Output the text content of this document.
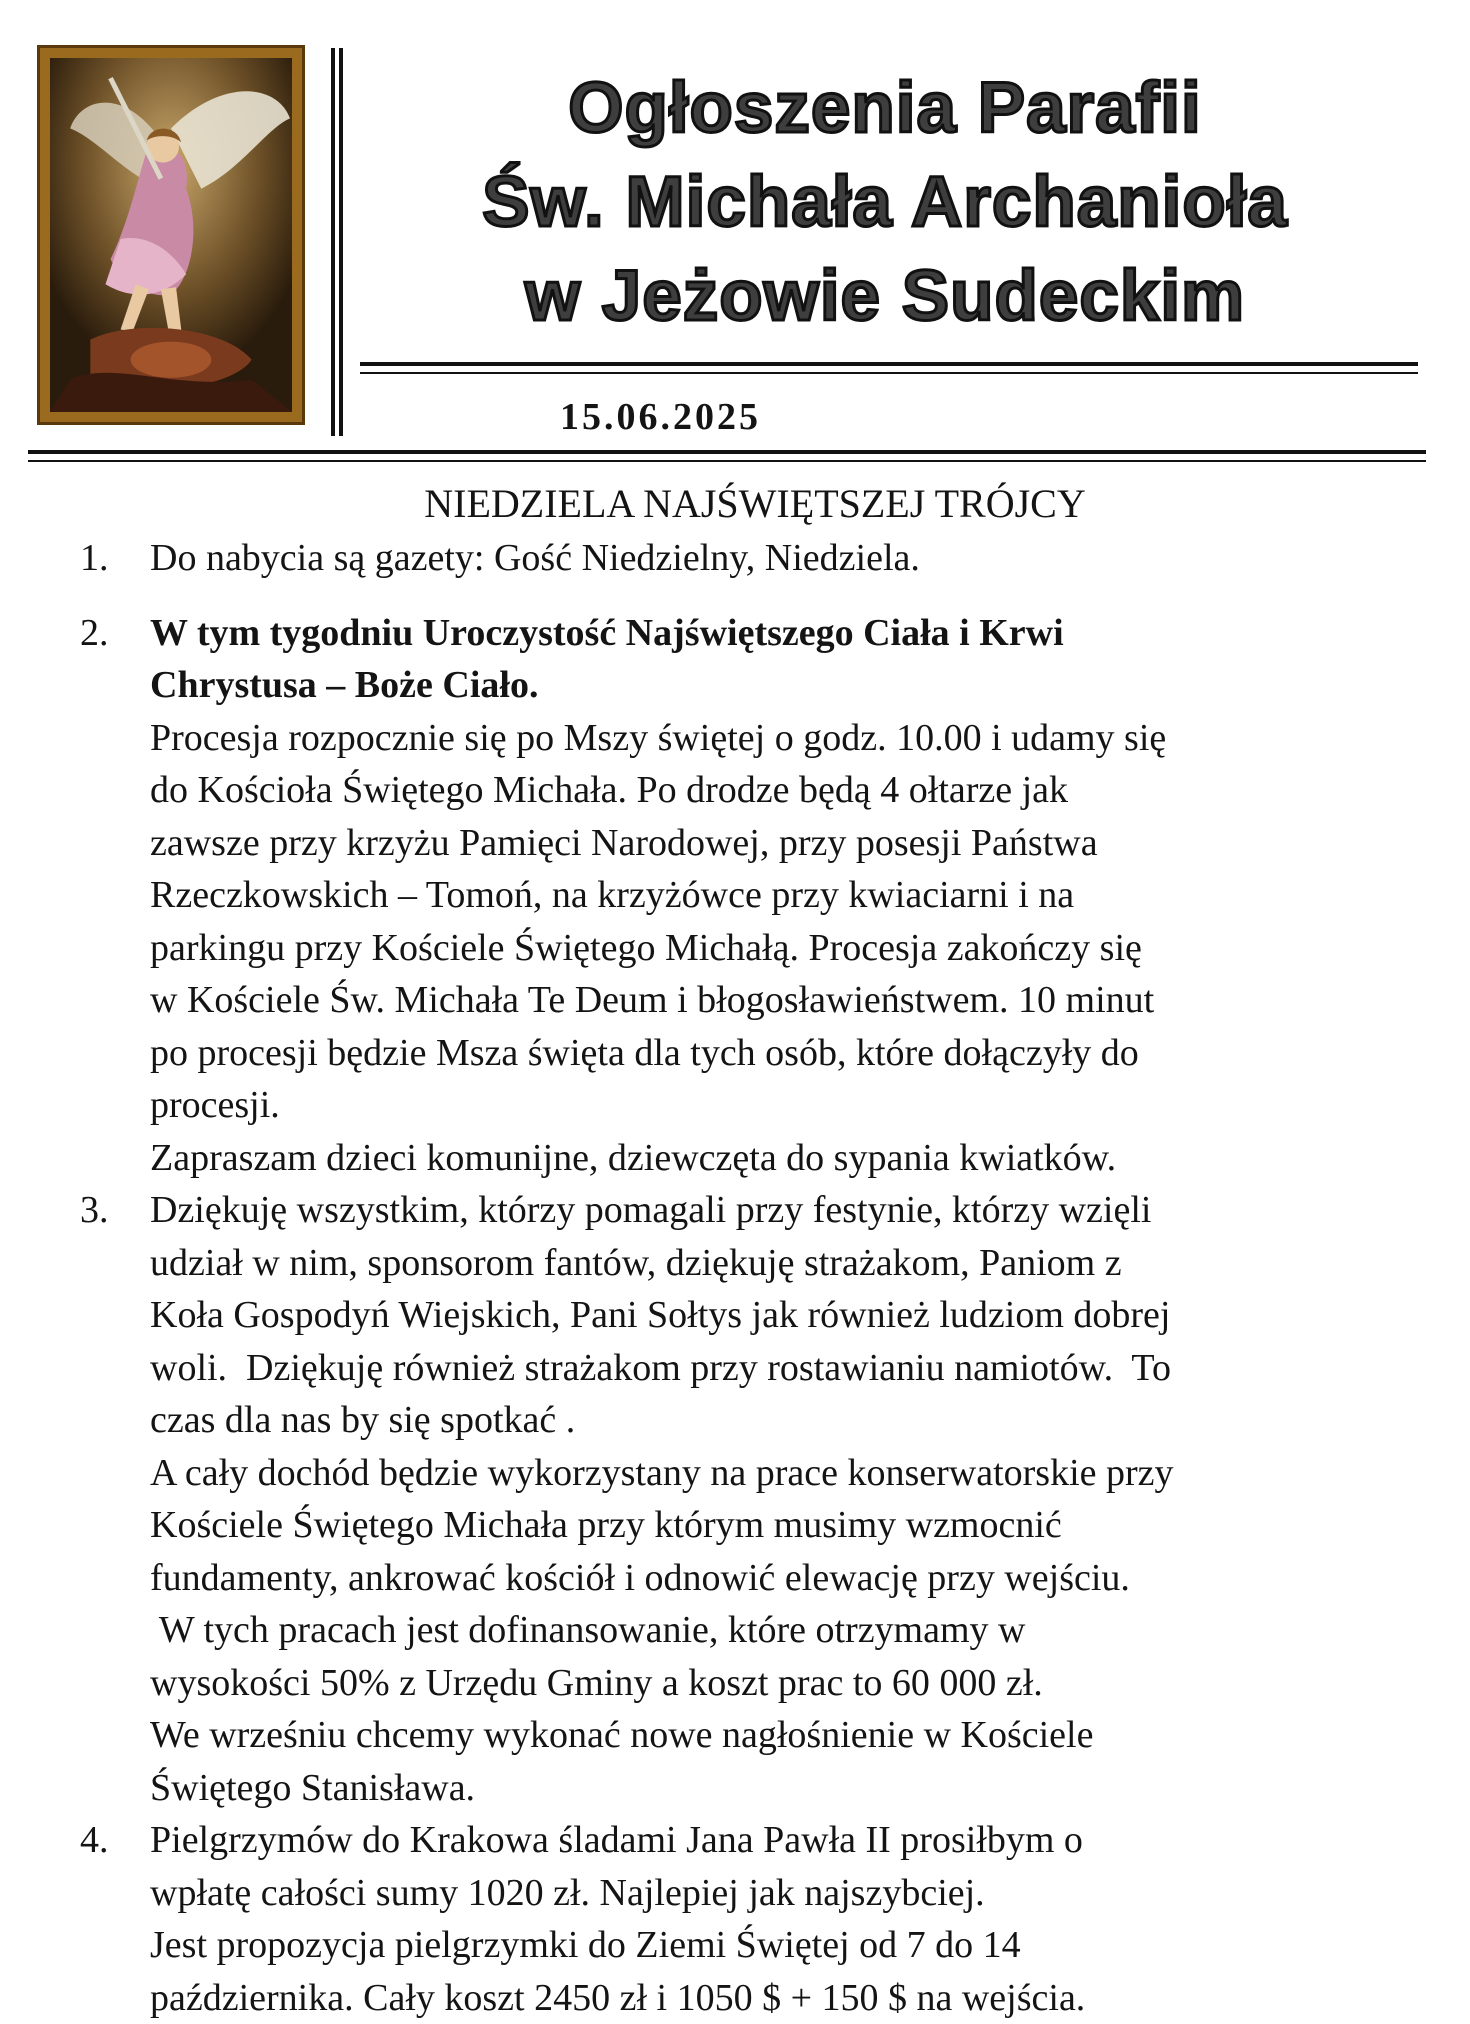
Ogłoszenia Parafii
Św. Michała Archanioła
w Jeżowie Sudeckim
15.06.2025
NIEDZIELA NAJŚWIĘTSZEJ TRÓJCY
1. Do nabycia są gazety: Gość Niedzielny, Niedziela.
2. W tym tygodniu Uroczystość Najświętszego Ciała i Krwi
Chrystusa – Boże Ciało.
Procesja rozpocznie się po Mszy świętej o godz. 10.00 i udamy się
do Kościoła Świętego Michała. Po drodze będą 4 ołtarze jak
zawsze przy krzyżu Pamięci Narodowej, przy posesji Państwa
Rzeczkowskich – Tomoń, na krzyżówce przy kwiaciarni i na
parkingu przy Kościele Świętego Michałą. Procesja zakończy się
w Kościele Św. Michała Te Deum i błogosławieństwem. 10 minut
po procesji będzie Msza święta dla tych osób, które dołączyły do
procesji.
Zapraszam dzieci komunijne, dziewczęta do sypania kwiatków.
3. Dziękuję wszystkim, którzy pomagali przy festynie, którzy wzięli
udział w nim, sponsorom fantów, dziękuję strażakom, Paniom z
Koła Gospodyń Wiejskich, Pani Sołtys jak również ludziom dobrej
woli.  Dziękuję również strażakom przy rostawianiu namiotów.  To
czas dla nas by się spotkać .
A cały dochód będzie wykorzystany na prace konserwatorskie przy
Kościele Świętego Michała przy którym musimy wzmocnić
fundamenty, ankrować kościół i odnowić elewację przy wejściu.
W tych pracach jest dofinansowanie, które otrzymamy w
wysokości 50% z Urzędu Gminy a koszt prac to 60 000 zł.
We wrześniu chcemy wykonać nowe nagłośnienie w Kościele
Świętego Stanisława.
4. Pielgrzymów do Krakowa śladami Jana Pawła II prosiłbym o
wpłatę całości sumy 1020 zł. Najlepiej jak najszybciej.
Jest propozycja pielgrzymki do Ziemi Świętej od 7 do 14
października. Cały koszt 2450 zł i 1050 $ + 150 $ na wejścia.
